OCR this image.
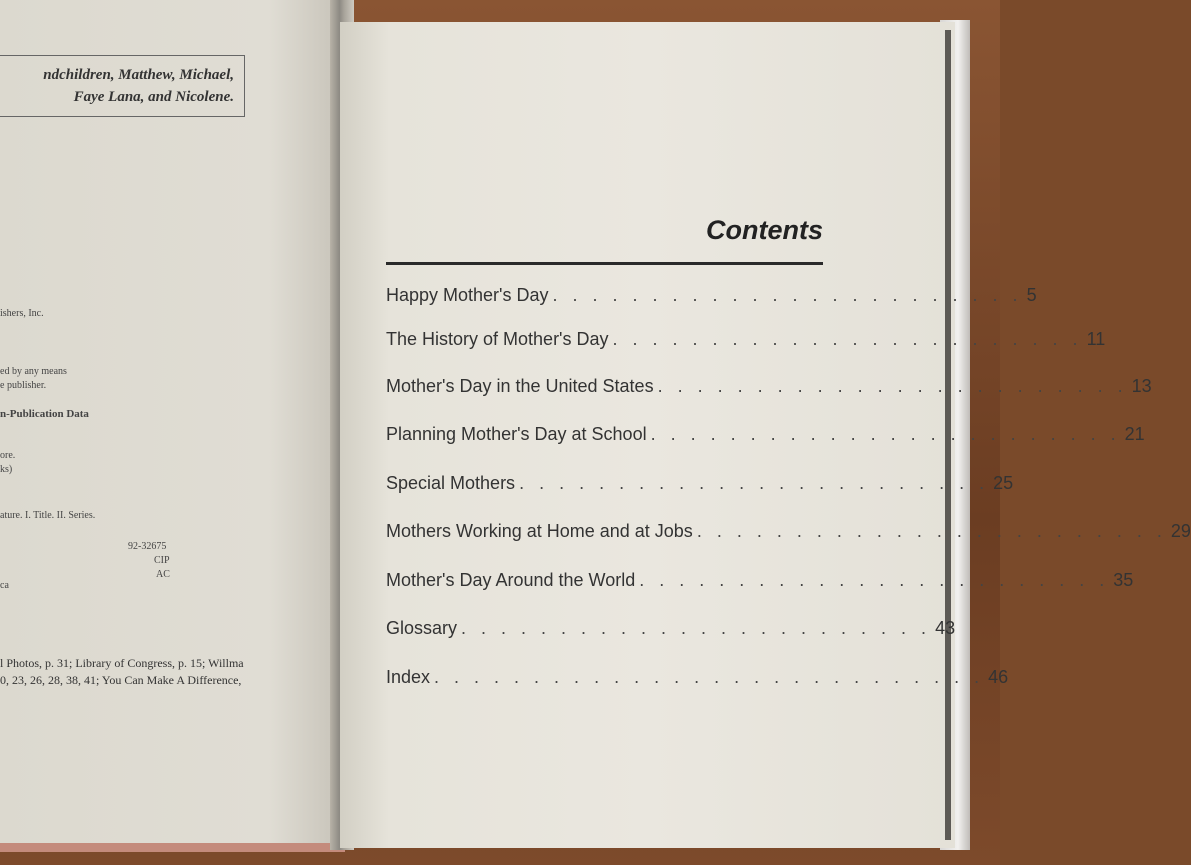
ndchildren, Matthew, Michael,
Faye Lana, and Nicolene.
ishers, Inc.
ed by any means
e publisher.
n-Publication Data
ore.
ks)
ature. I. Title. II. Series.
92-32675
CIP
AC
ca
l Photos, p. 31; Library of Congress, p. 15; Willma
0, 23, 26, 28, 38, 41; You Can Make A Difference,
Contents
Happy Mother's Day . . . . . . . . . . . . . . . . . . . . . . . . 5
The History of Mother's Day . . . . . . . . . . . . . . . . . . . . . . . . 11
Mother's Day in the United States . . . . . . . . . . . . . . . . . . . . . . . . 13
Planning Mother's Day at School . . . . . . . . . . . . . . . . . . . . . . . . 21
Special Mothers . . . . . . . . . . . . . . . . . . . . . . . . 25
Mothers Working at Home and at Jobs . . . . . . . . . . . . . . . . . . . . . . . . 29
Mother's Day Around the World . . . . . . . . . . . . . . . . . . . . . . . . 35
Glossary . . . . . . . . . . . . . . . . . . . . . . . . 43
Index . . . . . . . . . . . . . . . . . . . . . . . . . . . . 46
